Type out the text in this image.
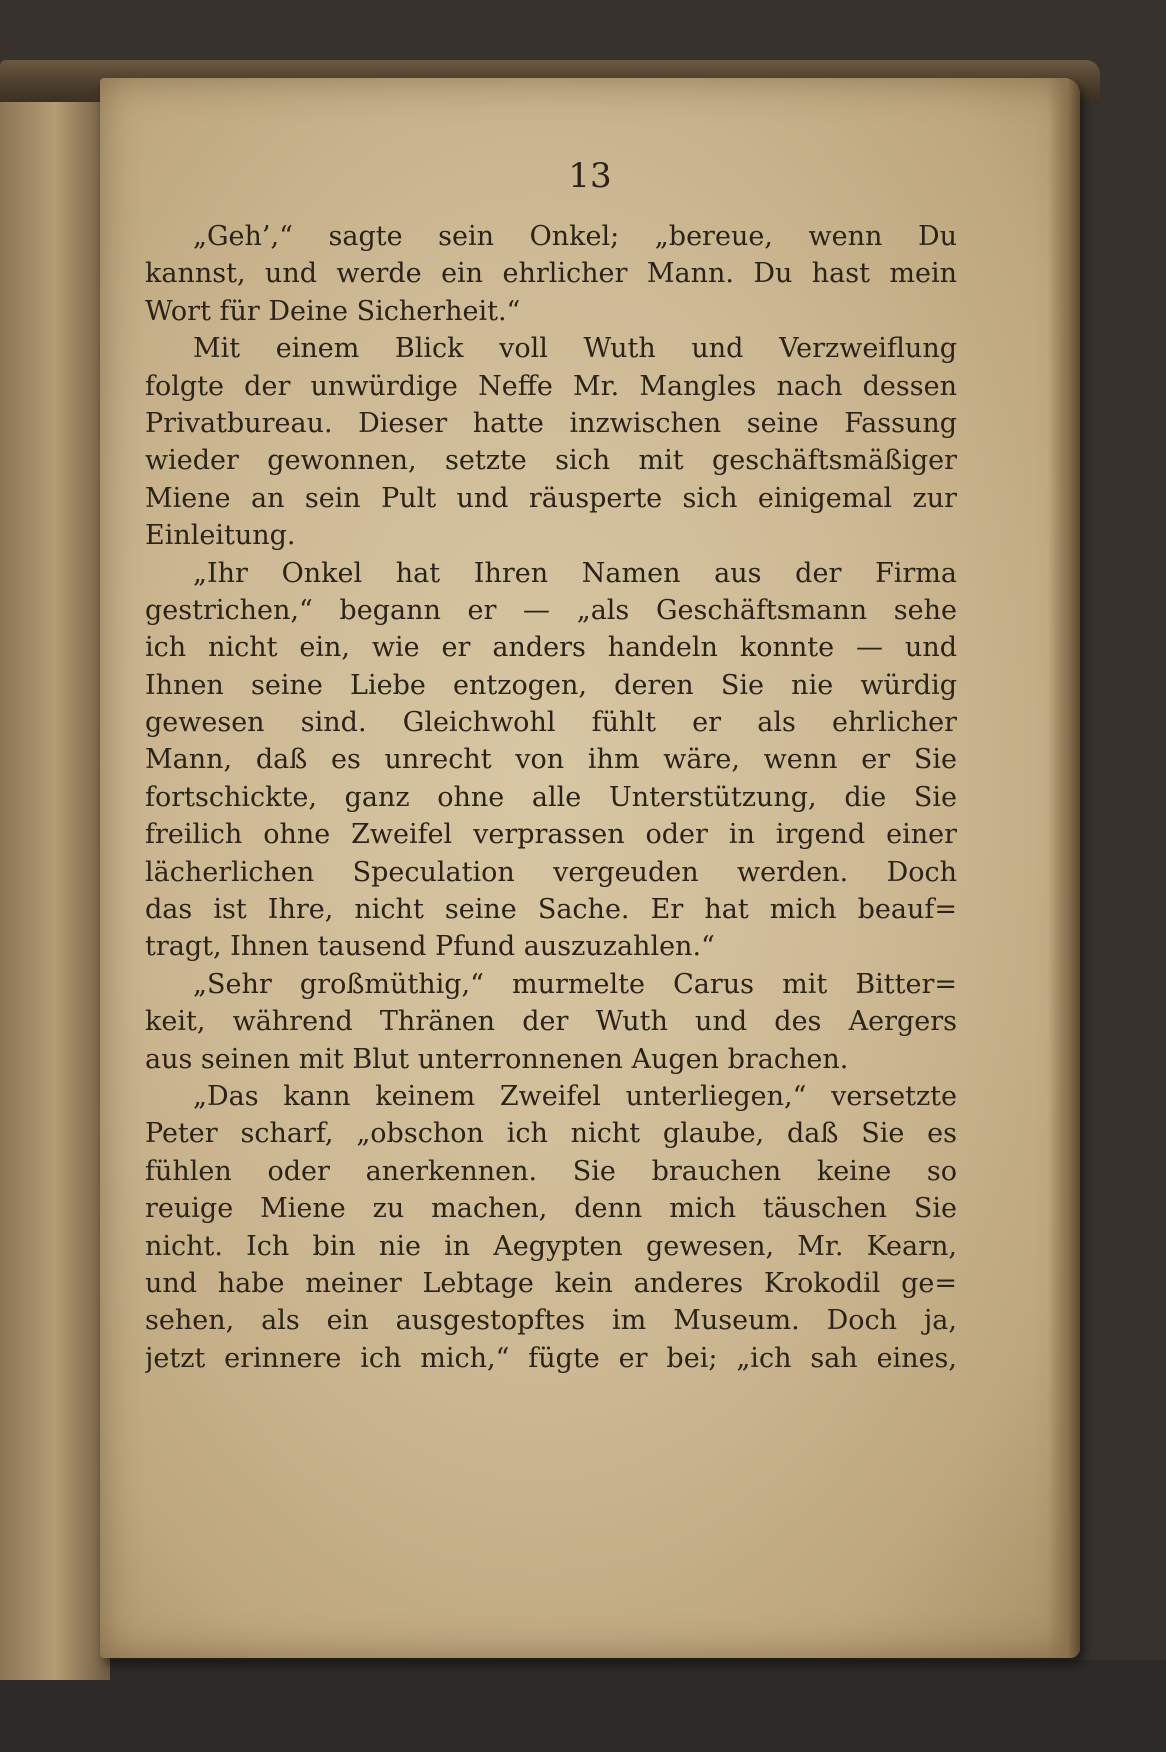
13
„Geh’,“ sagte sein Onkel; „bereue, wenn Du
kannst, und werde ein ehrlicher Mann. Du hast mein
Wort für Deine Sicherheit.“
Mit einem Blick voll Wuth und Verzweiflung
folgte der unwürdige Neffe Mr. Mangles nach dessen
Privatbureau. Dieser hatte inzwischen seine Fassung
wieder gewonnen, setzte sich mit geschäftsmäßiger
Miene an sein Pult und räusperte sich einigemal zur
Einleitung.
„Ihr Onkel hat Ihren Namen aus der Firma
gestrichen,“ begann er — „als Geschäftsmann sehe
ich nicht ein, wie er anders handeln konnte — und
Ihnen seine Liebe entzogen, deren Sie nie würdig
gewesen sind. Gleichwohl fühlt er als ehrlicher
Mann, daß es unrecht von ihm wäre, wenn er Sie
fortschickte, ganz ohne alle Unterstützung, die Sie
freilich ohne Zweifel verprassen oder in irgend einer
lächerlichen Speculation vergeuden werden. Doch
das ist Ihre, nicht seine Sache. Er hat mich beauf=
tragt, Ihnen tausend Pfund auszuzahlen.“
„Sehr großmüthig,“ murmelte Carus mit Bitter=
keit, während Thränen der Wuth und des Aergers
aus seinen mit Blut unterronnenen Augen brachen.
„Das kann keinem Zweifel unterliegen,“ versetzte
Peter scharf, „obschon ich nicht glaube, daß Sie es
fühlen oder anerkennen. Sie brauchen keine so
reuige Miene zu machen, denn mich täuschen Sie
nicht. Ich bin nie in Aegypten gewesen, Mr. Kearn,
und habe meiner Lebtage kein anderes Krokodil ge=
sehen, als ein ausgestopftes im Museum. Doch ja,
jetzt erinnere ich mich,“ fügte er bei; „ich sah eines,
